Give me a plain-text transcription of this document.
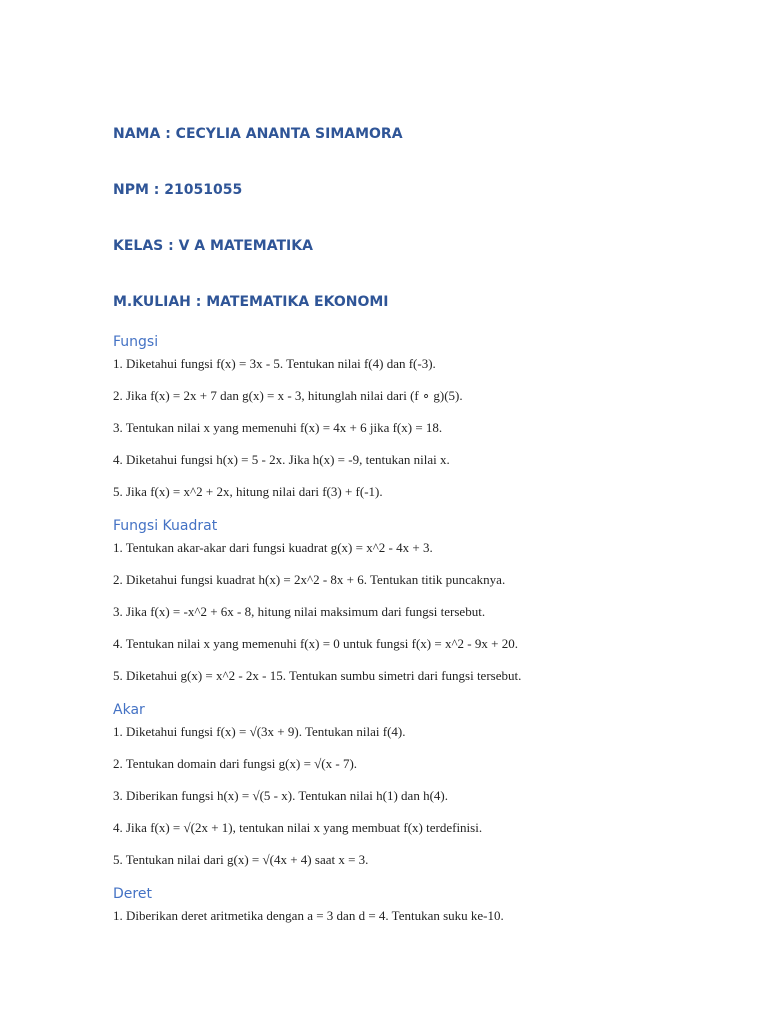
NAMA : CECYLIA ANANTA SIMAMORA

NPM : 21051055

KELAS : V A MATEMATIKA

M.KULIAH : MATEMATIKA EKONOMI

Fungsi

1. Diketahui fungsi f(x) = 3x - 5. Tentukan nilai f(4) dan f(-3).

2. Jika f(x) = 2x + 7 dan g(x) = x - 3, hitunglah nilai dari (f ∘ g)(5).

3. Tentukan nilai x yang memenuhi f(x) = 4x + 6 jika f(x) = 18.

4. Diketahui fungsi h(x) = 5 - 2x. Jika h(x) = -9, tentukan nilai x.

5. Jika f(x) = x^2 + 2x, hitung nilai dari f(3) + f(-1).

Fungsi Kuadrat

1. Tentukan akar-akar dari fungsi kuadrat g(x) = x^2 - 4x + 3.

2. Diketahui fungsi kuadrat h(x) = 2x^2 - 8x + 6. Tentukan titik puncaknya.

3. Jika f(x) = -x^2 + 6x - 8, hitung nilai maksimum dari fungsi tersebut.

4. Tentukan nilai x yang memenuhi f(x) = 0 untuk fungsi f(x) = x^2 - 9x + 20.

5. Diketahui g(x) = x^2 - 2x - 15. Tentukan sumbu simetri dari fungsi tersebut.

Akar

1. Diketahui fungsi f(x) = √(3x + 9). Tentukan nilai f(4).

2. Tentukan domain dari fungsi g(x) = √(x - 7).

3. Diberikan fungsi h(x) = √(5 - x). Tentukan nilai h(1) dan h(4).

4. Jika f(x) = √(2x + 1), tentukan nilai x yang membuat f(x) terdefinisi.

5. Tentukan nilai dari g(x) = √(4x + 4) saat x = 3.

Deret

1. Diberikan deret aritmetika dengan a = 3 dan d = 4. Tentukan suku ke-10.
